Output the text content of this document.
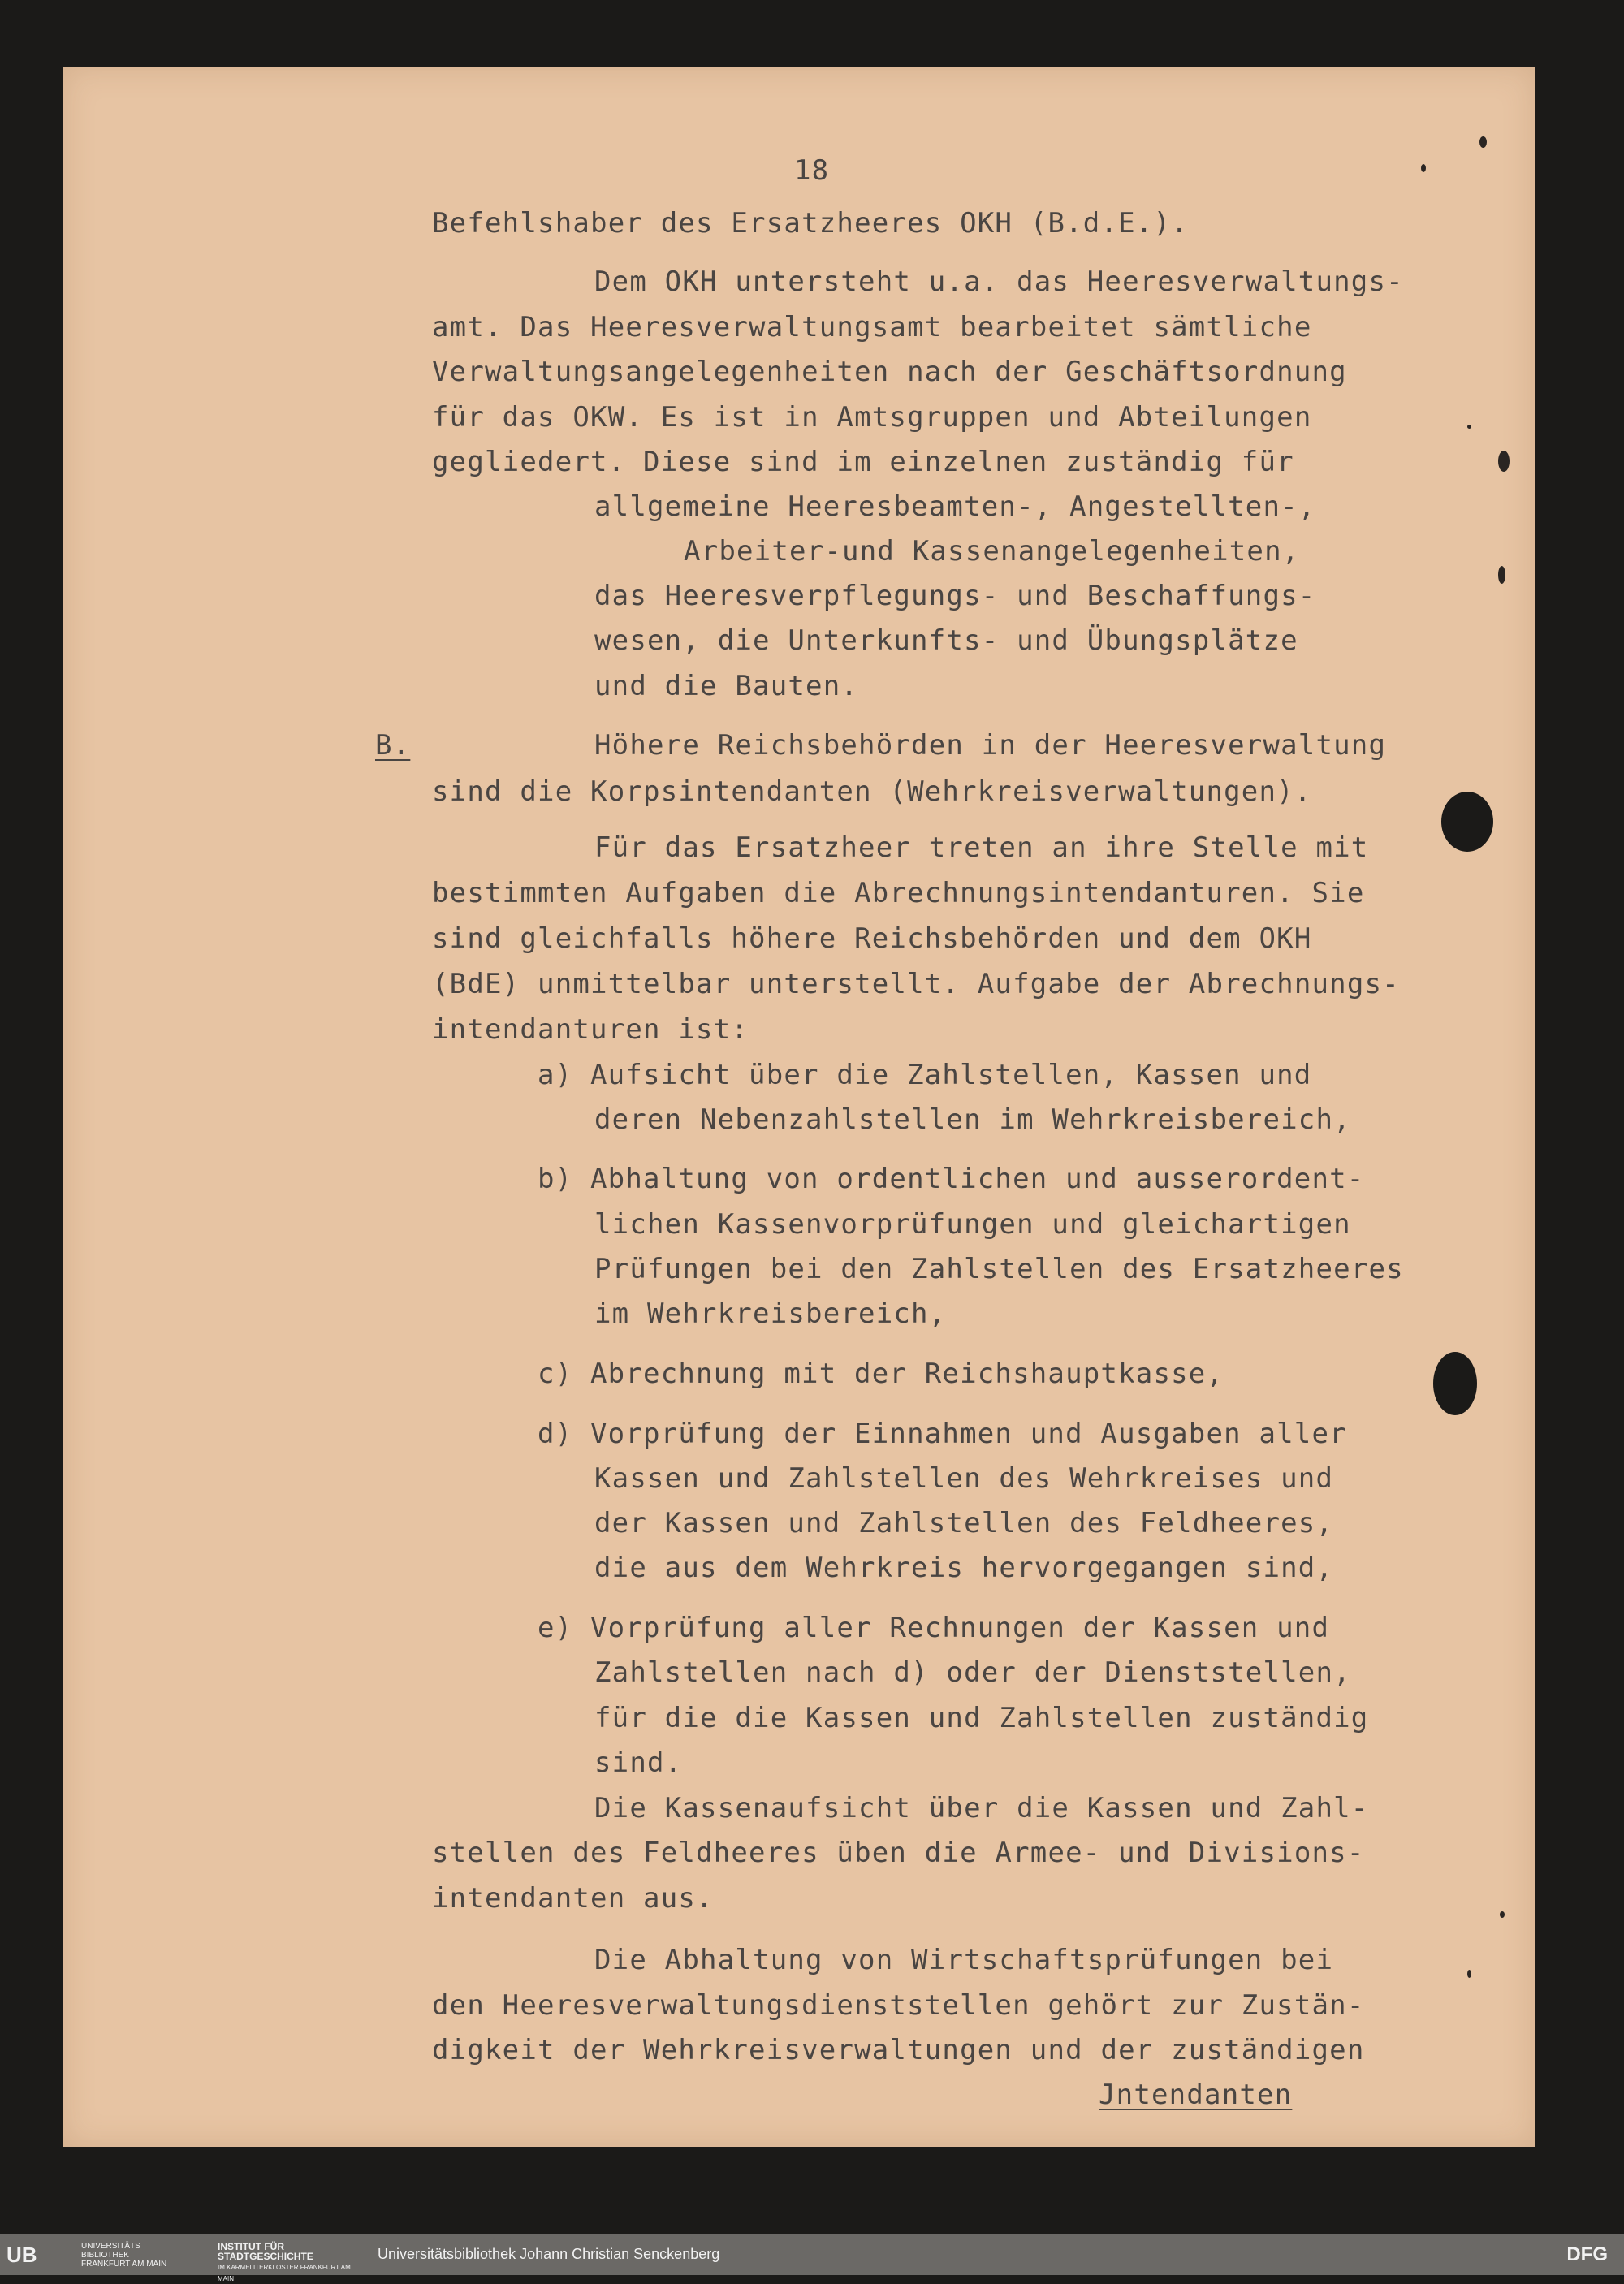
18
Befehlshaber des Ersatzheeres OKH (B.d.E.).
Dem OKH untersteht u.a. das Heeresverwaltungs-
amt. Das Heeresverwaltungsamt bearbeitet sämtliche
Verwaltungsangelegenheiten nach der Geschäftsordnung
für das OKW. Es ist in Amtsgruppen und Abteilungen
gegliedert. Diese sind im einzelnen zuständig für
allgemeine Heeresbeamten-, Angestellten-,
Arbeiter-und Kassenangelegenheiten,
das Heeresverpflegungs- und Beschaffungs-
wesen, die Unterkunfts- und Übungsplätze
und die Bauten.
B.	Höhere Reichsbehörden in der Heeresverwaltung
sind die Korpsintendanten (Wehrkreisverwaltungen).
Für das Ersatzheer treten an ihre Stelle mit
bestimmten Aufgaben die Abrechnungsintendanturen. Sie
sind gleichfalls höhere Reichsbehörden und dem OKH
(BdE) unmittelbar unterstellt. Aufgabe der Abrechnungs-
intendanturen ist:
a) Aufsicht über die Zahlstellen, Kassen und
deren Nebenzahlstellen im Wehrkreisbereich,
b) Abhaltung von ordentlichen und ausserordent-
lichen Kassenvorprüfungen und gleichartigen
Prüfungen bei den Zahlstellen des Ersatzheeres
im Wehrkreisbereich,
c) Abrechnung mit der Reichshauptkasse,
d) Vorprüfung der Einnahmen und Ausgaben aller
Kassen und Zahlstellen des Wehrkreises und
der Kassen und Zahlstellen des Feldheeres,
die aus dem Wehrkreis hervorgegangen sind,
e) Vorprüfung aller Rechnungen der Kassen und
Zahlstellen nach d) oder der Dienststellen,
für die die Kassen und Zahlstellen zuständig
sind.
Die Kassenaufsicht über die Kassen und Zahl-
stellen des Feldheeres üben die Armee- und Divisions-
intendanten aus.
Die Abhaltung von Wirtschaftsprüfungen bei
den Heeresverwaltungsdienststellen gehört zur Zustän-
digkeit der Wehrkreisverwaltungen und der zuständigen
Jntendanten
UB	UNIVERSITÄTS BIBLIOTHEK FRANKFURT AM MAIN
INSTITUT FÜR STADTGESCHICHTE
IM KARMELITERKLOSTER FRANKFURT AM MAIN
Universitätsbibliothek Johann Christian Senckenberg	DFG
